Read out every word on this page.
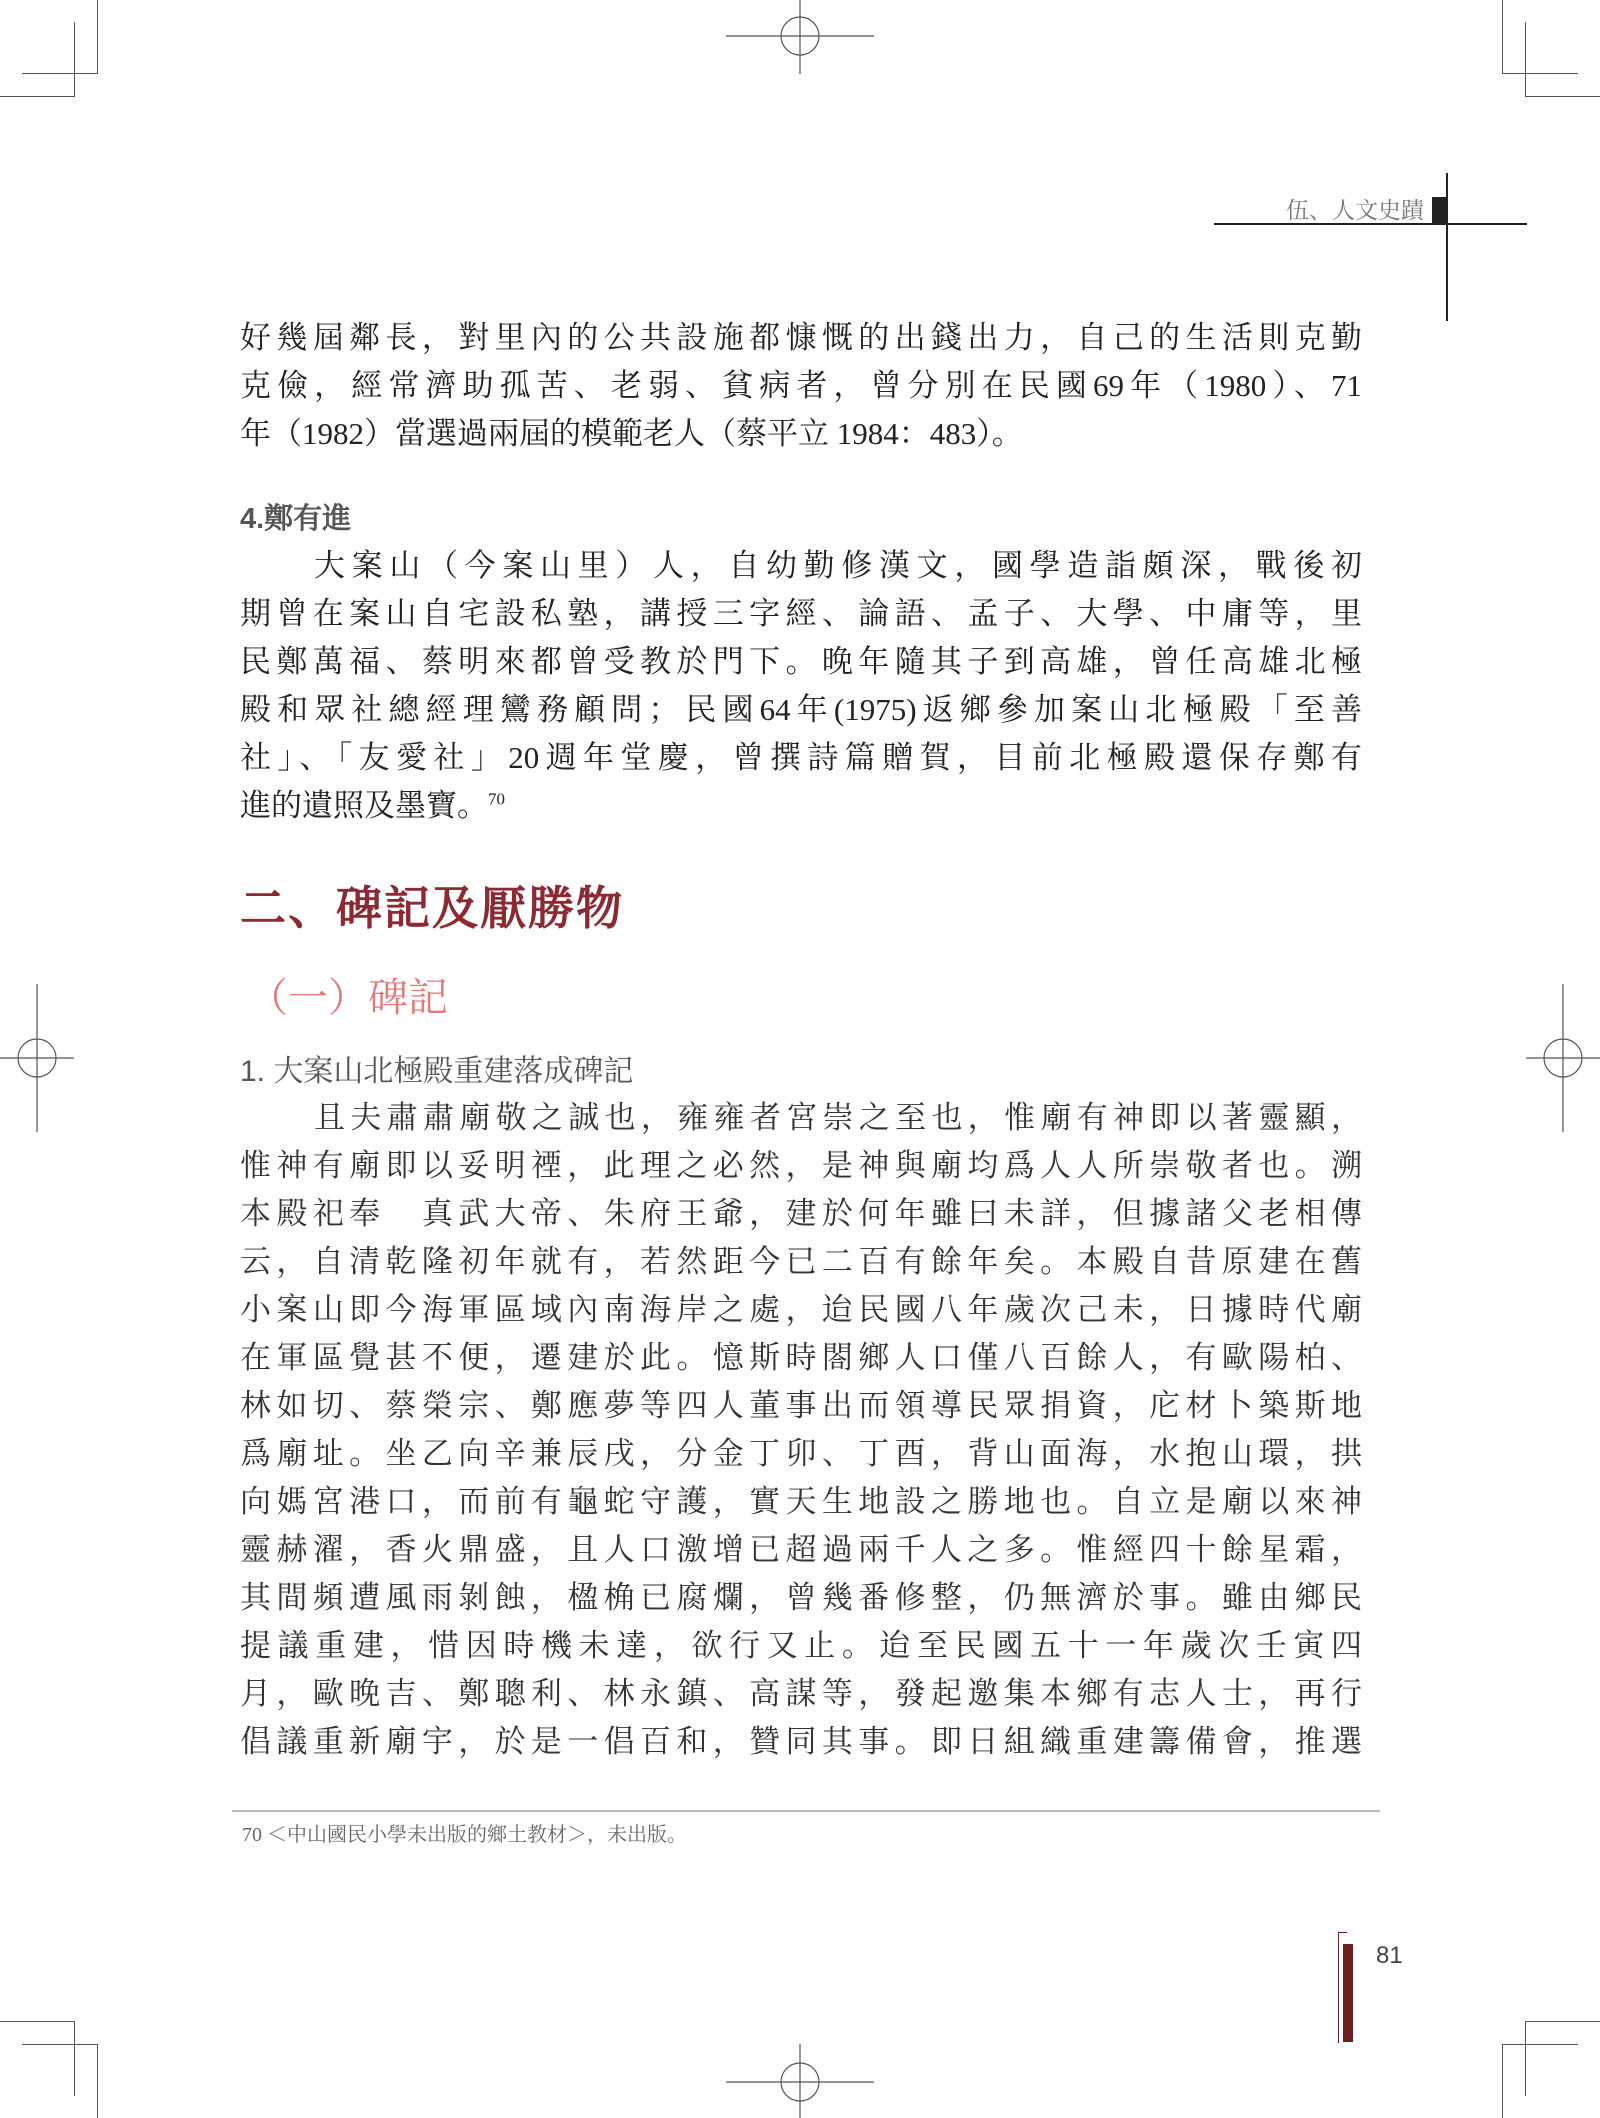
伍、人文史蹟
好幾屆鄰長，對里內的公共設施都慷慨的出錢出力，自己的生活則克勤
克儉，經常濟助孤苦、老弱、貧病者，曾分別在民國69年（1980）、71
年（1982）當選過兩屆的模範老人（蔡平立 1984：483）。
4.鄭有進
大案山（今案山里）人，自幼勤修漢文，國學造詣頗深，戰後初
期曾在案山自宅設私塾，講授三字經、論語、孟子、大學、中庸等，里
民鄭萬福、蔡明來都曾受教於門下。晚年隨其子到高雄，曾任高雄北極
殿和眾社總經理鸞務顧問；民國64年(1975)返鄉參加案山北極殿「至善
社」、「友愛社」20週年堂慶，曾撰詩篇贈賀，目前北極殿還保存鄭有
進的遺照及墨寶。$^{70}$
二、碑記及厭勝物
（一）碑記
1. 大案山北極殿重建落成碑記
且夫肅肅廟敬之誠也，雍雍者宮崇之至也，惟廟有神即以著靈顯，
惟神有廟即以妥明禋，此理之必然，是神與廟均爲人人所崇敬者也。溯
本殿祀奉　真武大帝、朱府王爺，建於何年雖曰未詳，但據諸父老相傳
云，自清乾隆初年就有，若然距今已二百有餘年矣。本殿自昔原建在舊
小案山即今海軍區域內南海岸之處，迨民國八年歲次己未，日據時代廟
在軍區覺甚不便，遷建於此。憶斯時閤鄉人口僅八百餘人，有歐陽柏、
林如切、蔡榮宗、鄭應夢等四人董事出而領導民眾捐資，庀材卜築斯地
爲廟址。坐乙向辛兼辰戌，分金丁卯、丁酉，背山面海，水抱山環，拱
向媽宮港口，而前有龜蛇守護，實天生地設之勝地也。自立是廟以來神
靈赫濯，香火鼎盛，且人口激增已超過兩千人之多。惟經四十餘星霜，
其間頻遭風雨剝蝕，楹桷已腐爛，曾幾番修整，仍無濟於事。雖由鄉民
提議重建，惜因時機未達，欲行又止。迨至民國五十一年歲次壬寅四
月，歐晚吉、鄭聰利、林永鎮、高謀等，發起邀集本鄉有志人士，再行
倡議重新廟宇，於是一倡百和，贊同其事。即日組織重建籌備會，推選
70 ＜中山國民小學未出版的鄉土教材＞，未出版。
81
